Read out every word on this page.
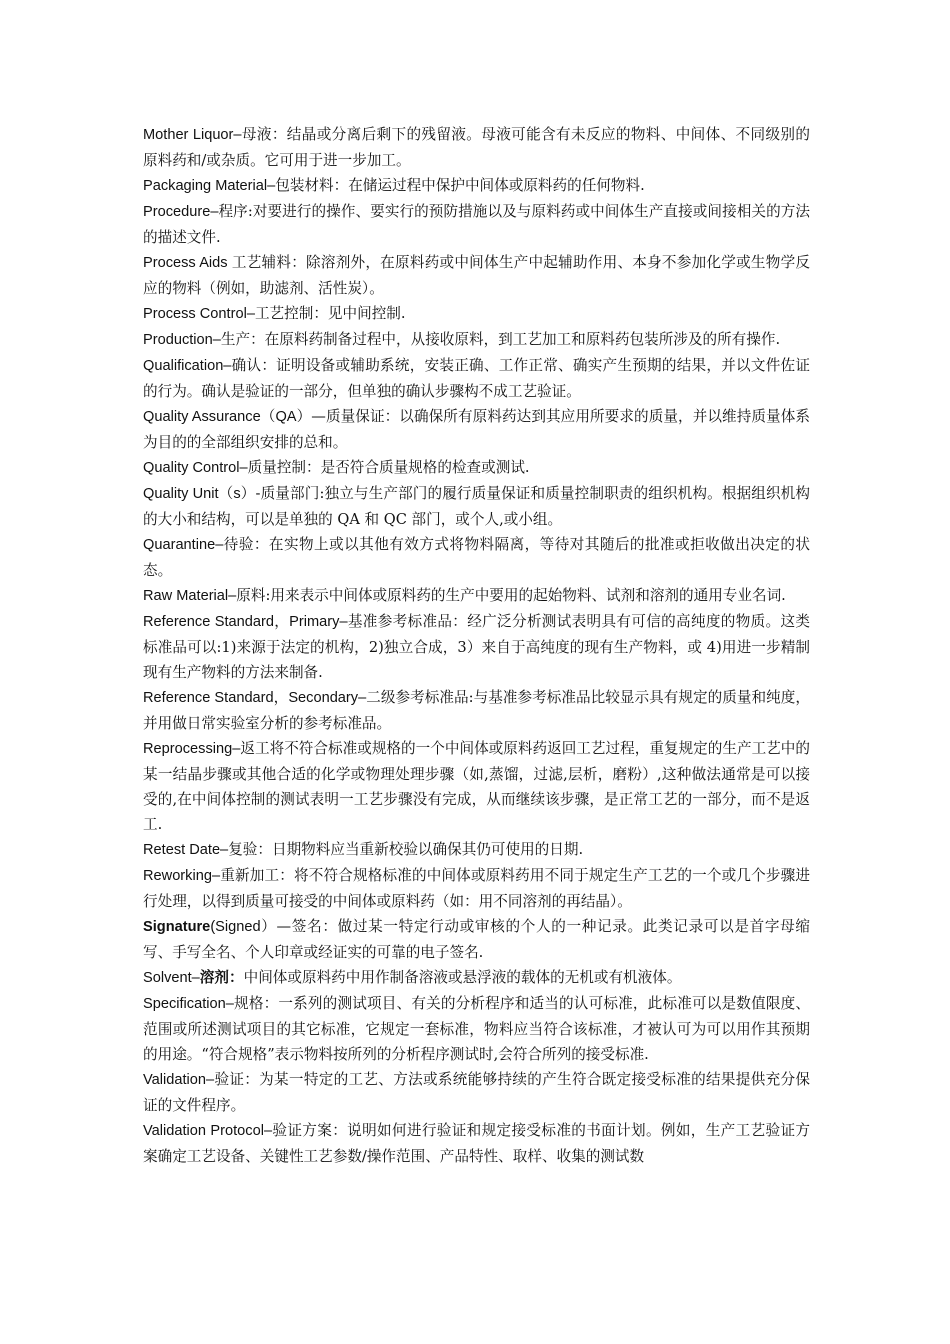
Mother Liquor–母液：结晶或分离后剩下的残留液。母液可能含有未反应的物料、中间体、不同级别的原料药和/或杂质。它可用于进一步加工。

Packaging Material–包装材料：在储运过程中保护中间体或原料药的任何物料.

Procedure–程序:对要进行的操作、要实行的预防措施以及与原料药或中间体生产直接或间接相关的方法的描述文件.

Process Aids 工艺辅料：除溶剂外，在原料药或中间体生产中起辅助作用、本身不参加化学或生物学反应的物料（例如，助滤剂、活性炭）。

Process Control–工艺控制：见中间控制.

Production–生产：在原料药制备过程中，从接收原料，到工艺加工和原料药包装所涉及的所有操作.

Qualification–确认：证明设备或辅助系统，安装正确、工作正常、确实产生预期的结果，并以文件佐证的行为。确认是验证的一部分，但单独的确认步骤构不成工艺验证。

Quality Assurance（QA）—质量保证：以确保所有原料药达到其应用所要求的质量，并以维持质量体系为目的的全部组织安排的总和。

Quality Control–质量控制：是否符合质量规格的检查或测试.

Quality Unit（s）-质量部门:独立与生产部门的履行质量保证和质量控制职责的组织机构。根据组织机构的大小和结构，可以是单独的 QA 和 QC 部门，或个人,或小组。

Quarantine–待验：在实物上或以其他有效方式将物料隔离，等待对其随后的批准或拒收做出决定的状态。

Raw Material–原料:用来表示中间体或原料药的生产中要用的起始物料、试剂和溶剂的通用专业名词.

Reference Standard，Primary–基准参考标准品：经广泛分析测试表明具有可信的高纯度的物质。这类标准品可以:1)来源于法定的机构，2)独立合成，3）来自于高纯度的现有生产物料，或 4)用进一步精制现有生产物料的方法来制备.

Reference Standard，Secondary–二级参考标准品:与基准参考标准品比较显示具有规定的质量和纯度，并用做日常实验室分析的参考标准品。

Reprocessing–返工将不符合标准或规格的一个中间体或原料药返回工艺过程，重复规定的生产工艺中的某一结晶步骤或其他合适的化学或物理处理步骤（如,蒸馏，过滤,层析，磨粉）,这种做法通常是可以接受的,在中间体控制的测试表明一工艺步骤没有完成，从而继续该步骤，是正常工艺的一部分，而不是返工.

Retest Date–复验：日期物料应当重新校验以确保其仍可使用的日期.

Reworking–重新加工：将不符合规格标准的中间体或原料药用不同于规定生产工艺的一个或几个步骤进行处理，以得到质量可接受的中间体或原料药（如：用不同溶剂的再结晶）。

Signature(Signed）—签名：做过某一特定行动或审核的个人的一种记录。此类记录可以是首字母缩写、手写全名、个人印章或经证实的可靠的电子签名.

Solvent–溶剂：中间体或原料药中用作制备溶液或悬浮液的载体的无机或有机液体。

Specification–规格：一系列的测试项目、有关的分析程序和适当的认可标准，此标准可以是数值限度、范围或所述测试项目的其它标准，它规定一套标准，物料应当符合该标准，才被认可为可以用作其预期的用途。“符合规格”表示物料按所列的分析程序测试时,会符合所列的接受标准.

Validation–验证：为某一特定的工艺、方法或系统能够持续的产生符合既定接受标准的结果提供充分保证的文件程序。

Validation Protocol–验证方案：说明如何进行验证和规定接受标准的书面计划。例如，生产工艺验证方案确定工艺设备、关键性工艺参数/操作范围、产品特性、取样、收集的测试数
